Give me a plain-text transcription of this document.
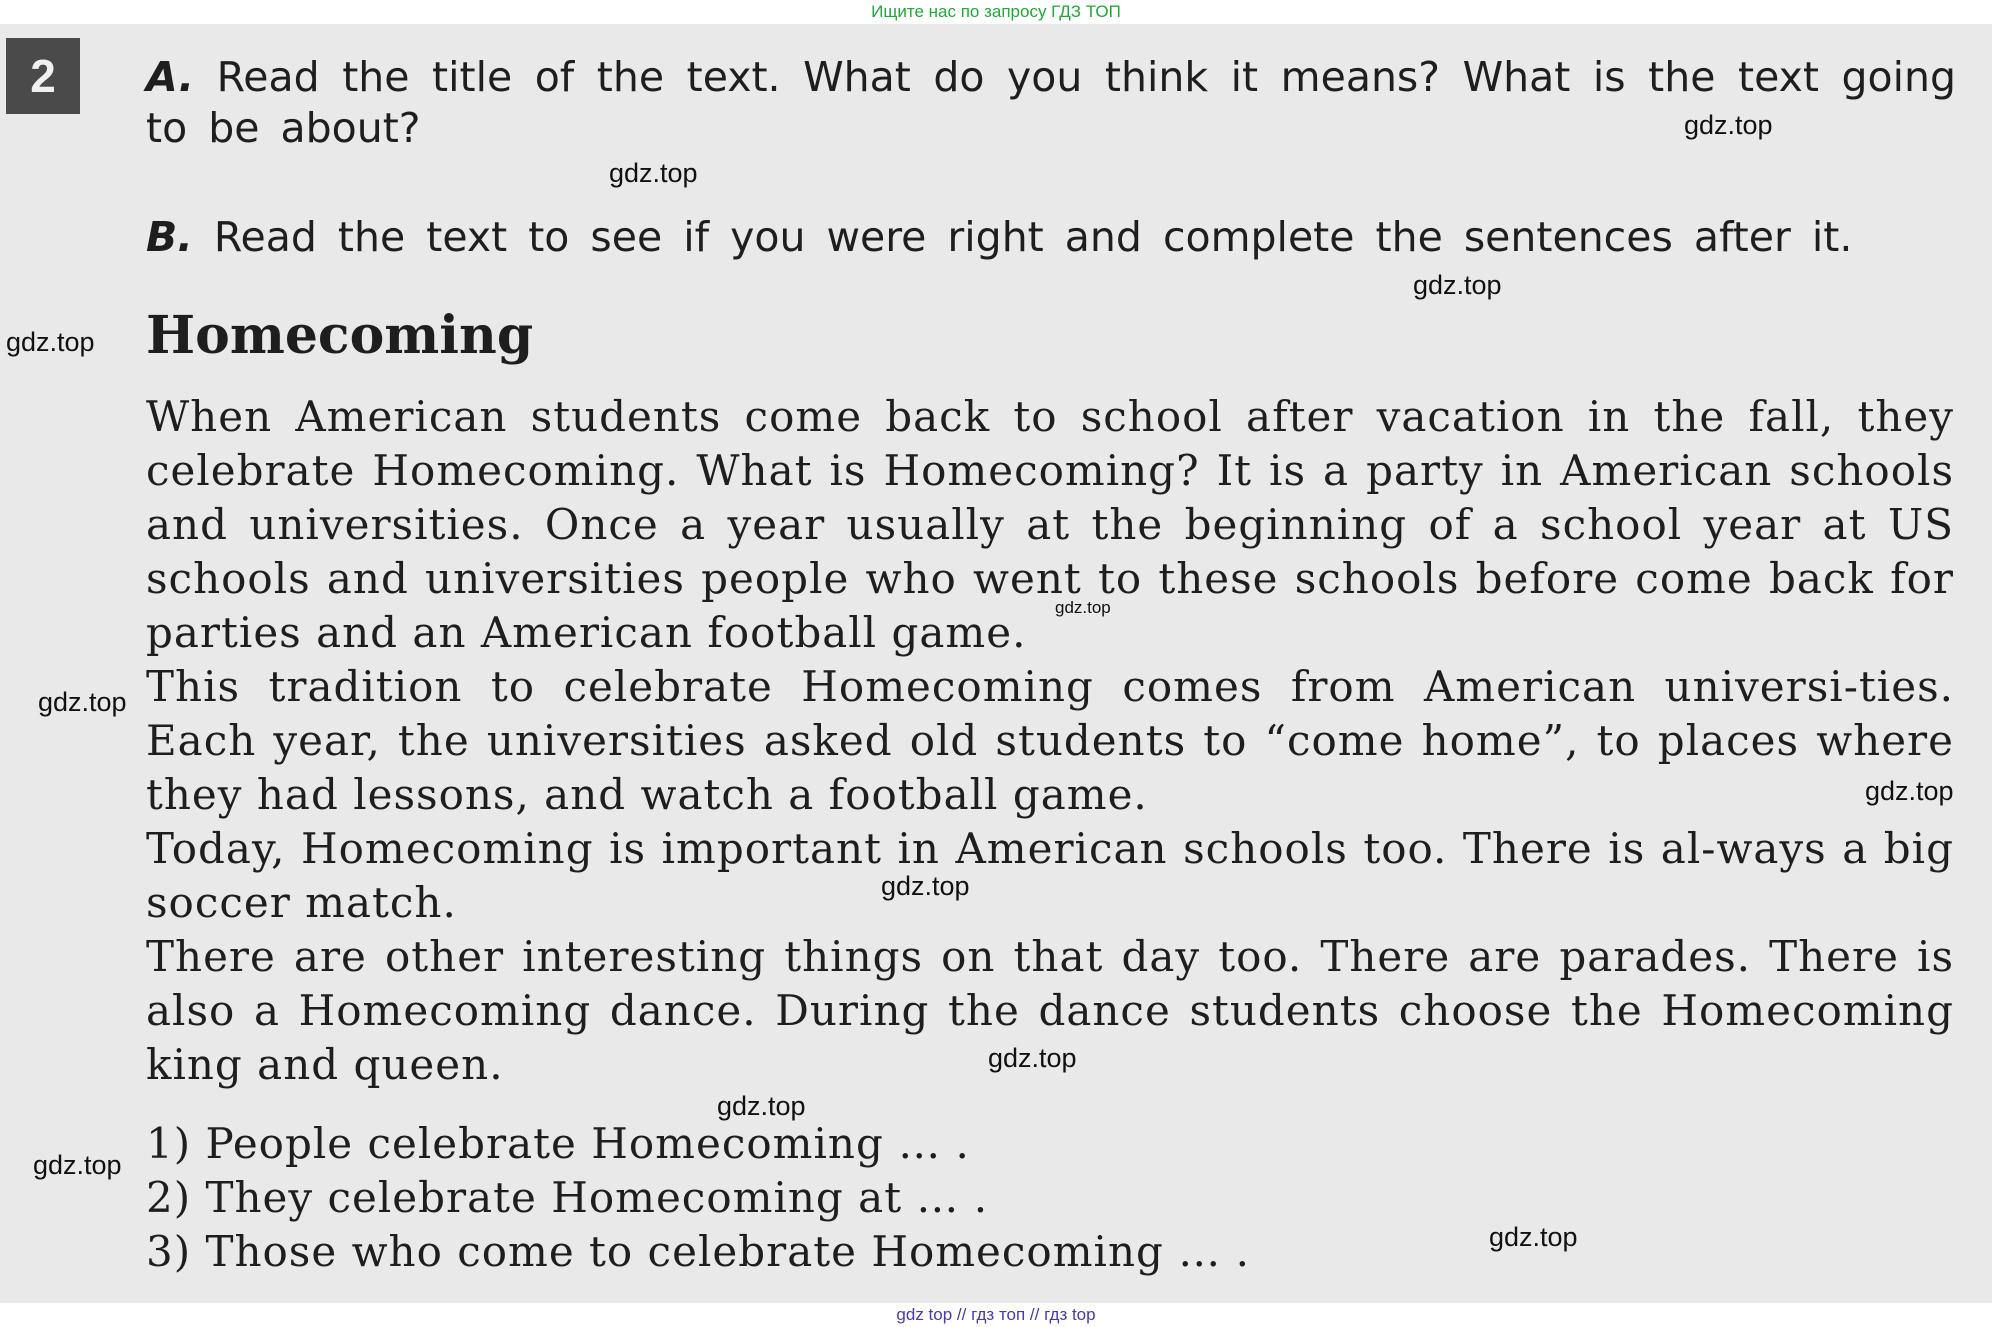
Ищите нас по запросу ГДЗ ТОП
2	A. Read the title of the text. What do you think it means? What is the text going to be about?
B. Read the text to see if you were right and complete the sentences after it.
Homecoming

When American students come back to school after vacation in the fall, they celebrate Homecoming. What is Homecoming? It is a party in American schools and universities. Once a year usually at the beginning of a school year at US schools and universities people who went to these schools before come back for parties and an American football game.

This tradition to celebrate Homecoming comes from American universi-ties. Each year, the universities asked old students to “come home”, to places where they had lessons, and watch a football game.

Today, Homecoming is important in American schools too. There is al-ways a big soccer match.

There are other interesting things on that day too. There are parades. There is also a Homecoming dance. During the dance students choose the Homecoming king and queen.

1) People celebrate Homecoming … .
2) They celebrate Homecoming at … .
3) Those who come to celebrate Homecoming … .
gdz.top
gdz.top
gdz.top
gdz.top
gdz.top
gdz.top
gdz.top
gdz.top
gdz.top
gdz.top
gdz.top
gdz.top
gdz top // гдз топ // гдз top
